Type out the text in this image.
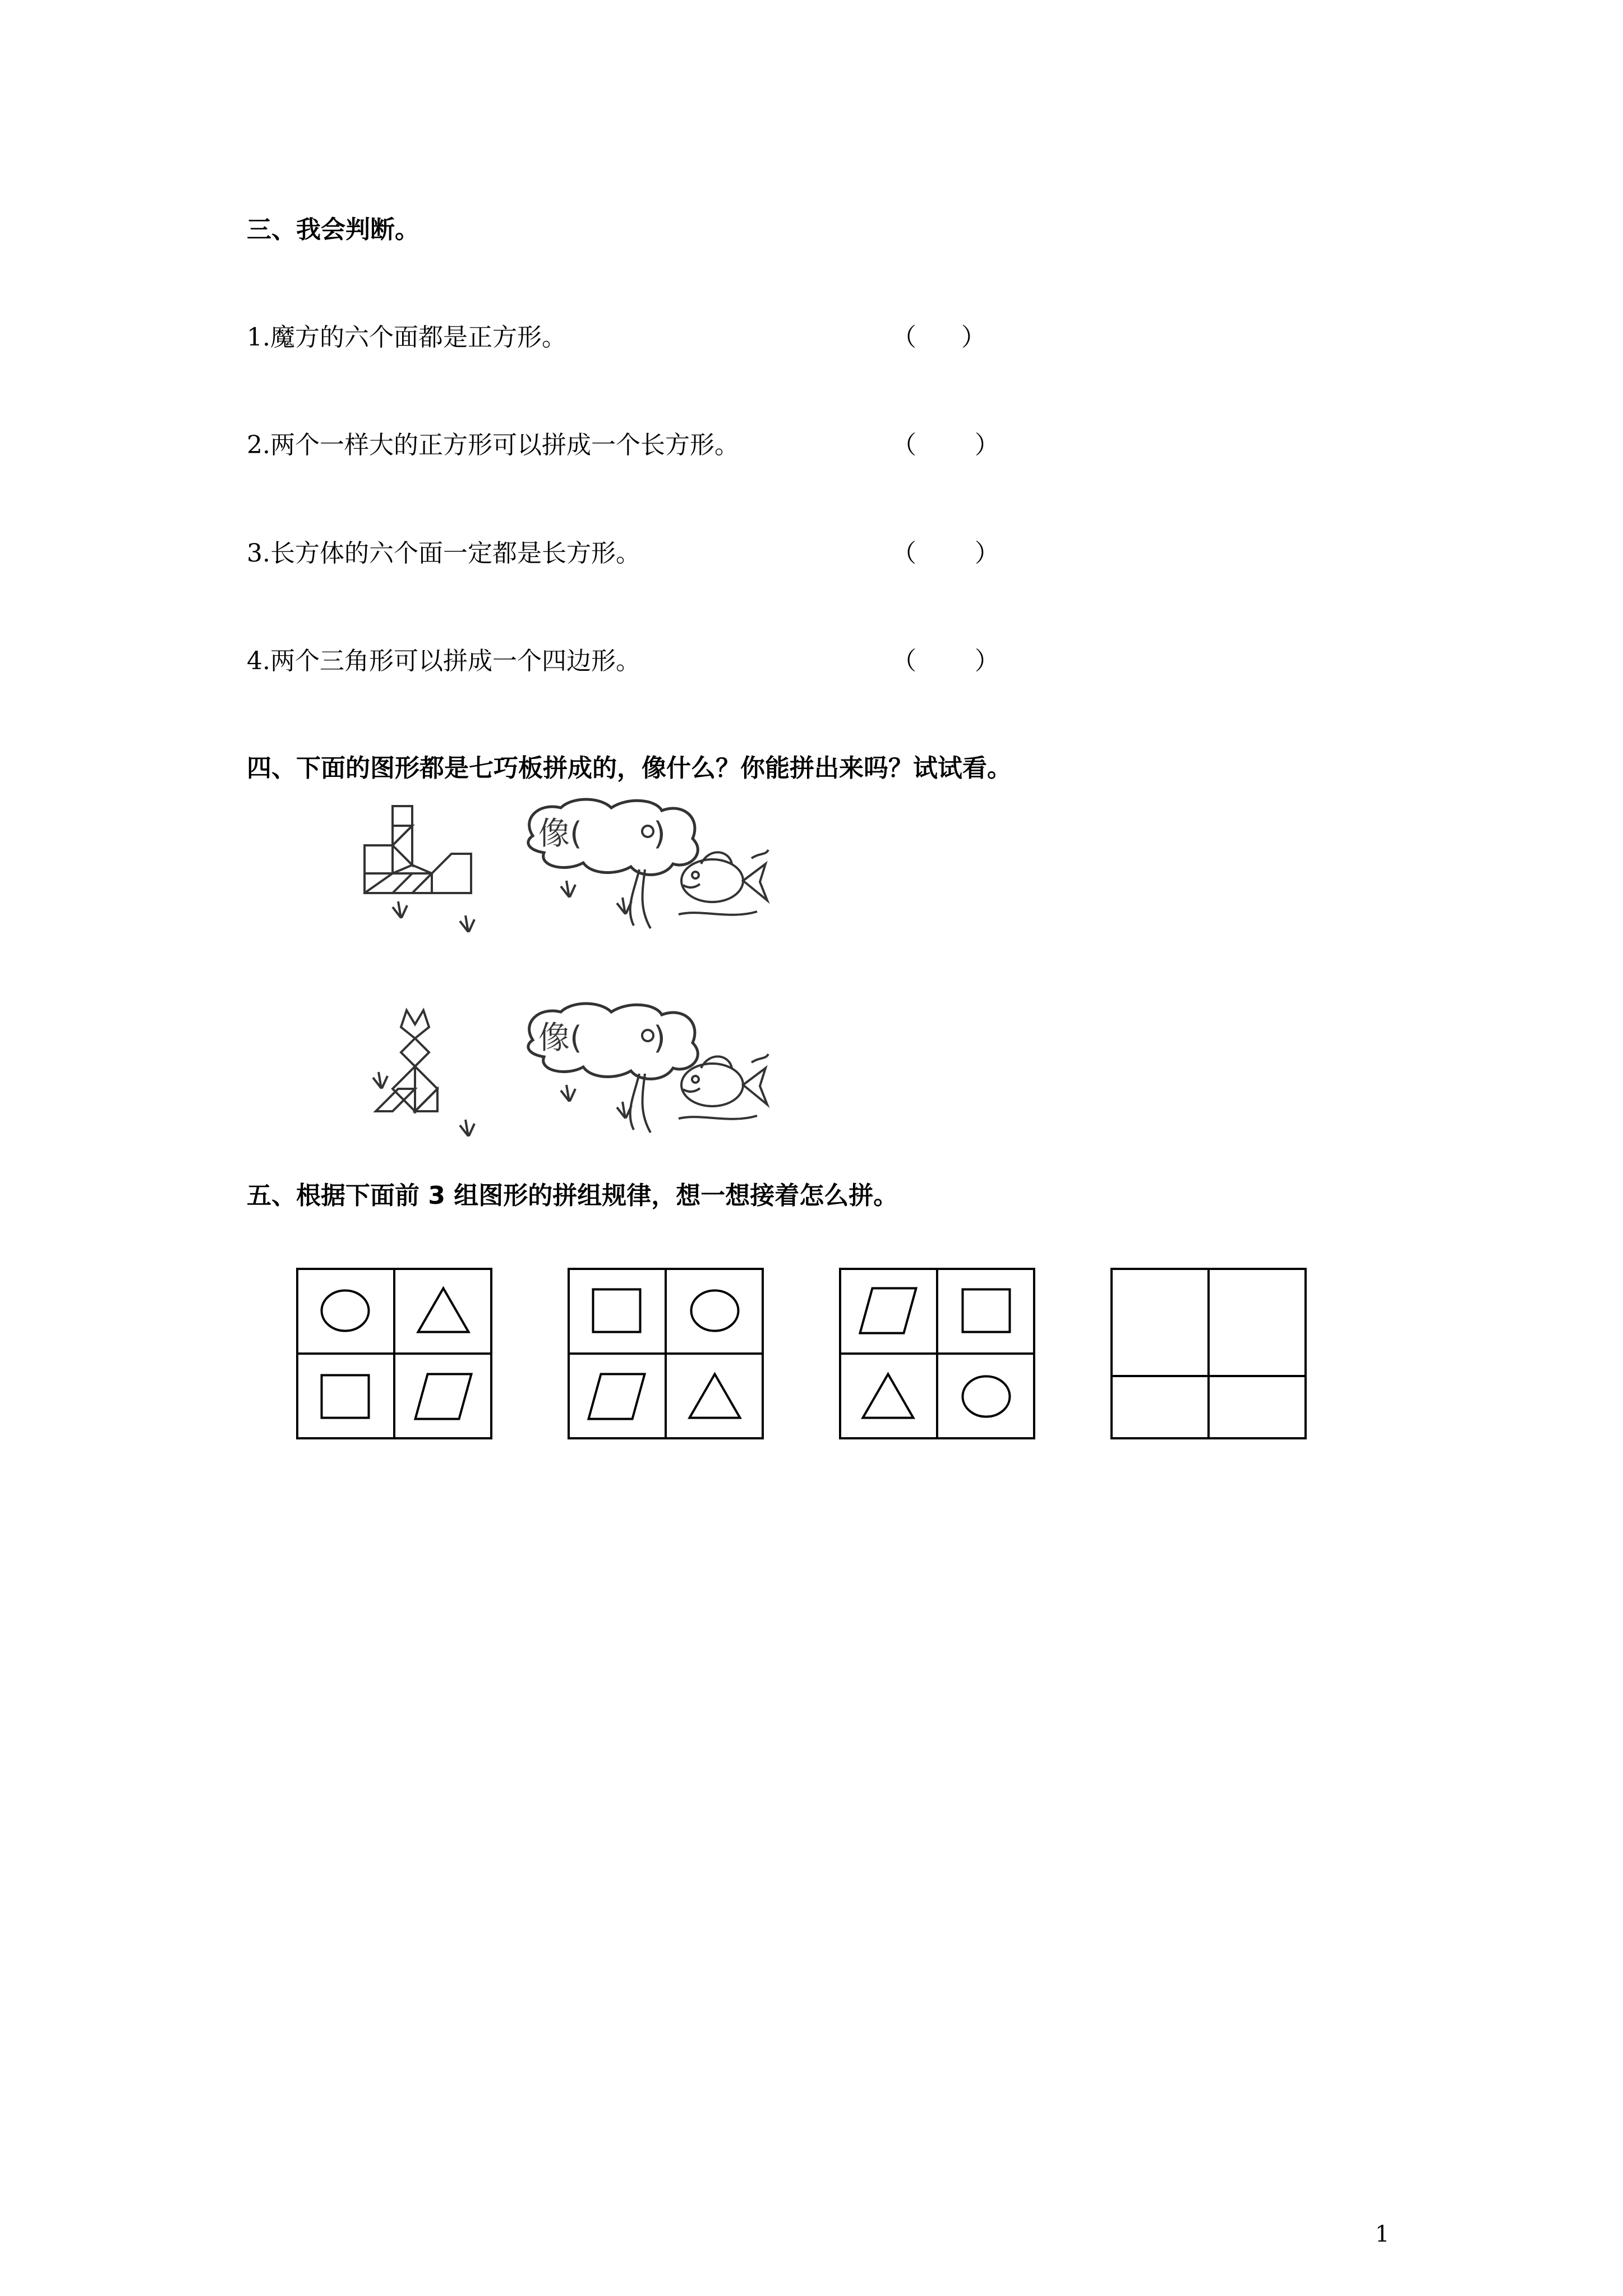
三、我会判断。
1.魔方的六个面都是正方形。	（ ）
2.两个一样大的正方形可以拼成一个长方形。	（ ）
3.长方体的六个面一定都是长方形。	（ ）
4.两个三角形可以拼成一个四边形。	（ ）
四、下面的图形都是七巧板拼成的，像什么？你能拼出来吗？试试看。
像( )
像( )
五、根据下面前 3 组图形的拼组规律，想一想接着怎么拼。
1
